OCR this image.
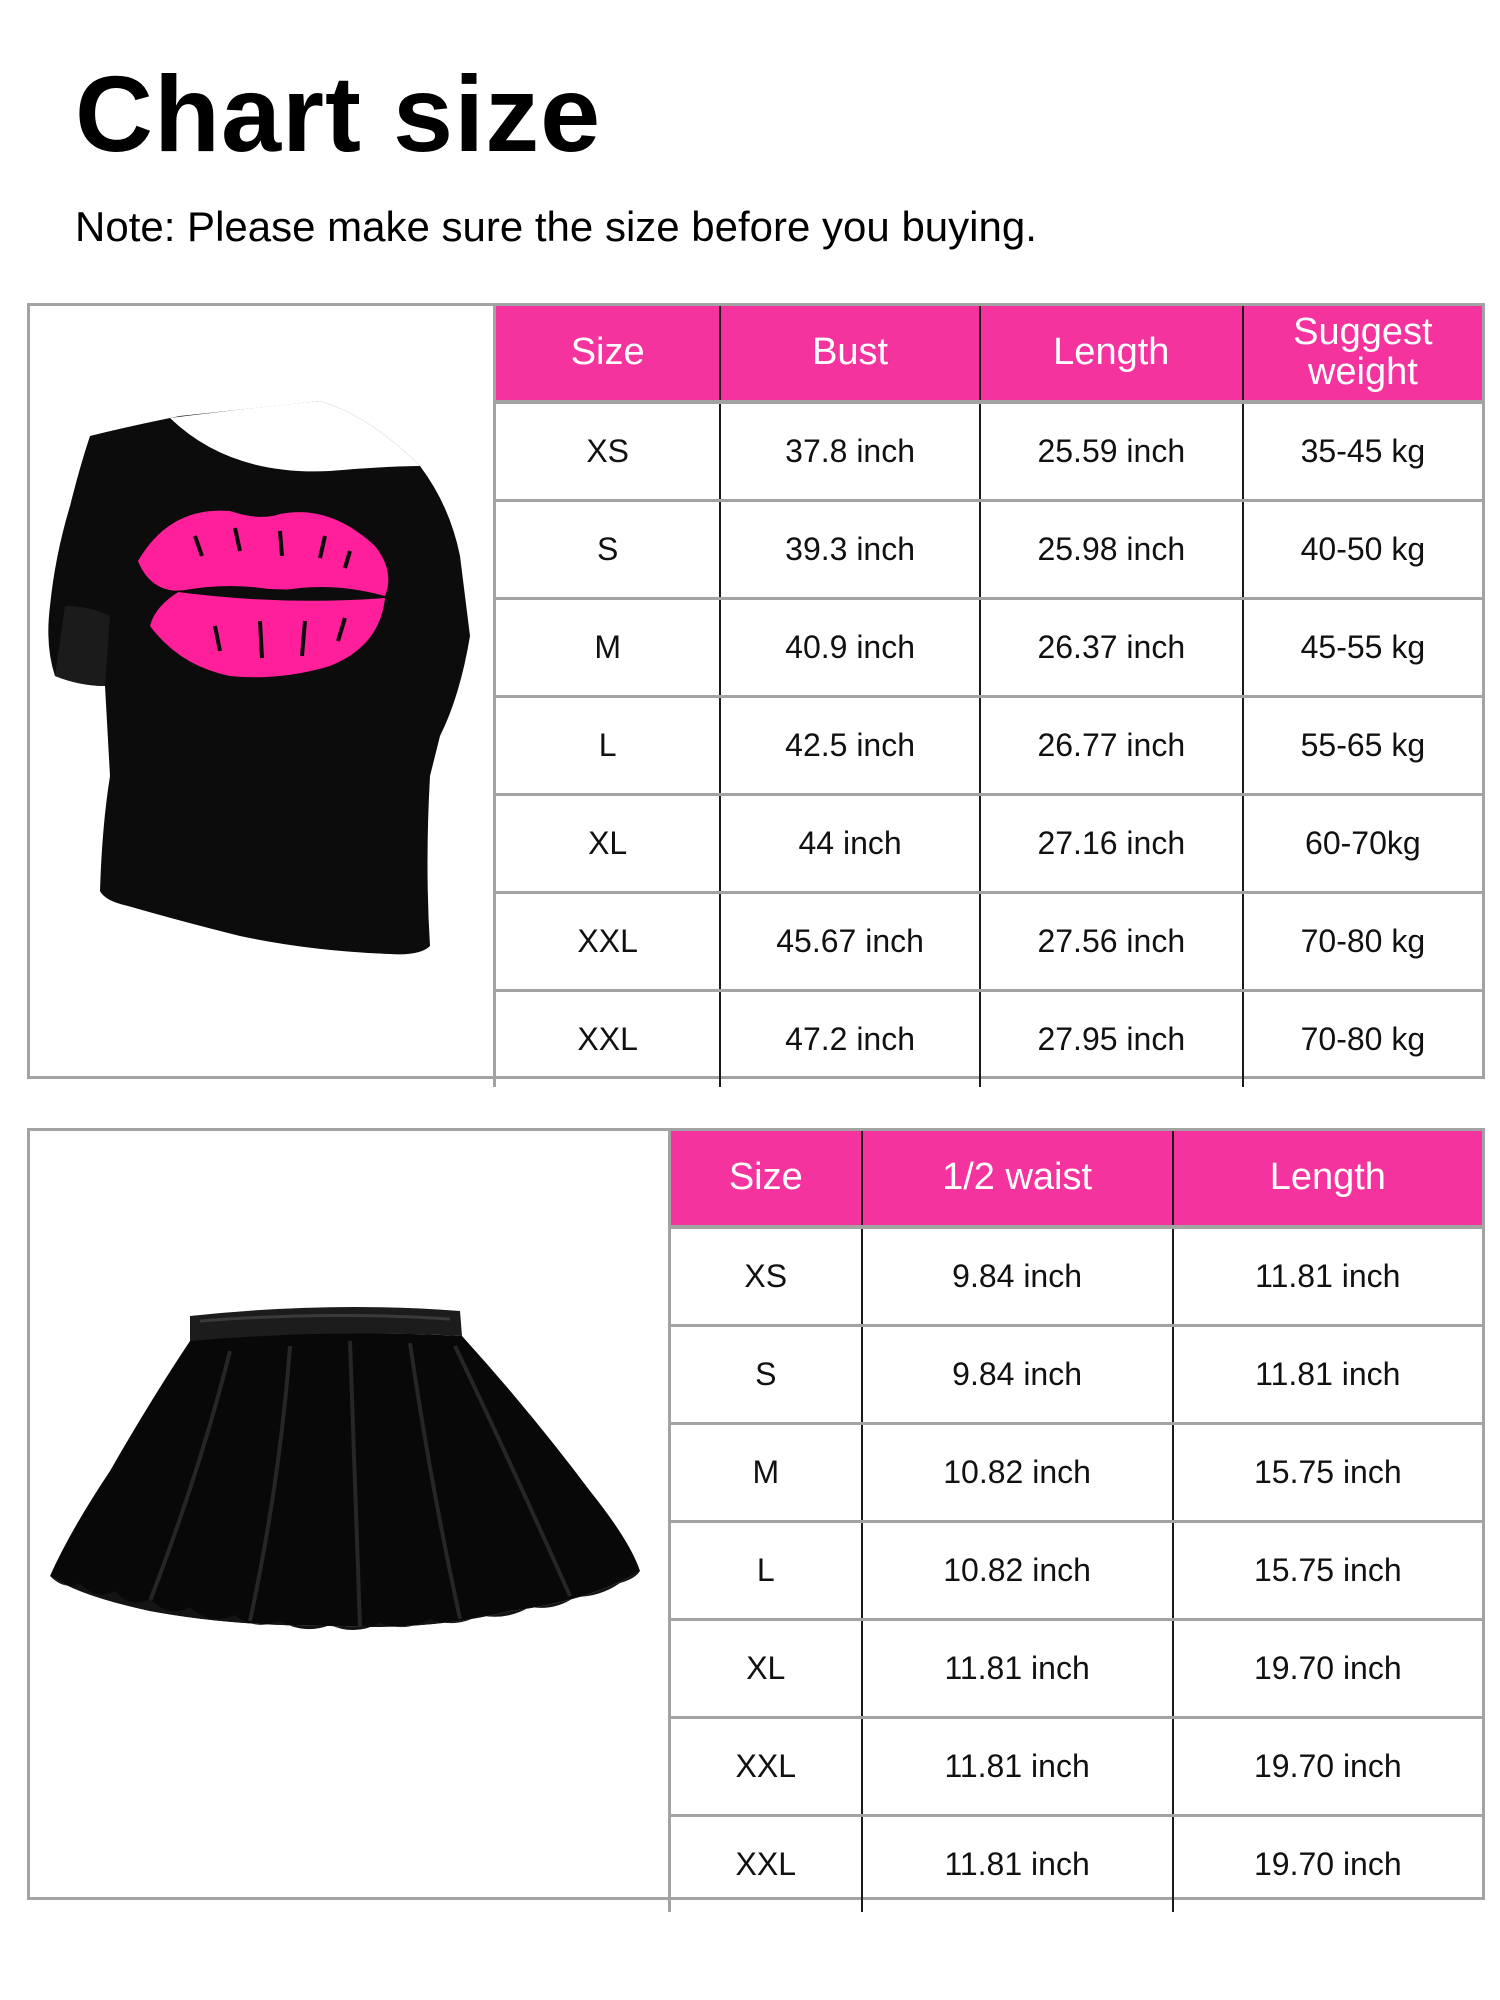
Chart size
Note: Please make sure the size before you buying.
Size	Bust	Length	Suggest weight
XS	37.8 inch	25.59 inch	35-45 kg
S	39.3 inch	25.98 inch	40-50 kg
M	40.9 inch	26.37 inch	45-55 kg
L	42.5 inch	26.77 inch	55-65 kg
XL	44 inch	27.16 inch	60-70kg
XXL	45.67 inch	27.56 inch	70-80 kg
XXL	47.2 inch	27.95 inch	70-80 kg
Size	1/2 waist	Length
XS	9.84 inch	11.81 inch
S	9.84 inch	11.81 inch
M	10.82 inch	15.75 inch
L	10.82 inch	15.75 inch
XL	11.81 inch	19.70 inch
XXL	11.81 inch	19.70 inch
XXL	11.81 inch	19.70 inch
